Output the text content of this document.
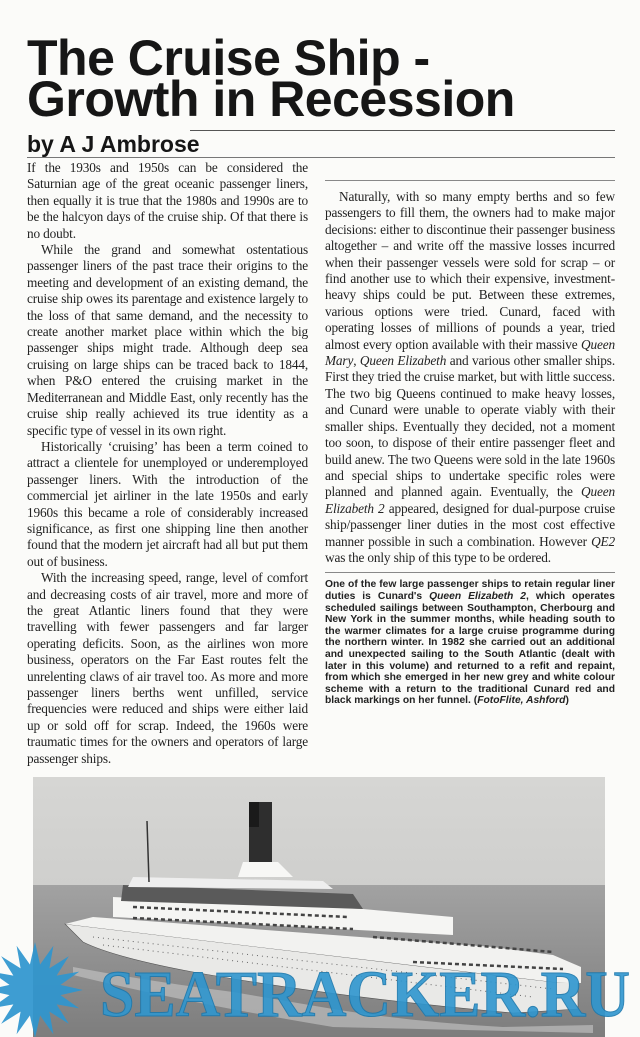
The Cruise Ship -
Growth in Recession
by A J Ambrose

If the 1930s and 1950s can be considered the Saturnian age of the great oceanic passenger liners, then equally it is true that the 1980s and 1990s are to be the halcyon days of the cruise ship. Of that there is no doubt.

While the grand and somewhat ostentatious passenger liners of the past trace their origins to the meeting and development of an existing demand, the cruise ship owes its parentage and existence largely to the loss of that same demand, and the necessity to create another market place within which the big passenger ships might trade. Although deep sea cruising on large ships can be traced back to 1844, when P&O entered the cruising market in the Mediterranean and Middle East, only recently has the cruise ship really achieved its true identity as a specific type of vessel in its own right.

Historically ‘cruising’ has been a term coined to attract a clientele for unemployed or underemployed passenger liners. With the introduction of the commercial jet airliner in the late 1950s and early 1960s this became a role of considerably increased significance, as first one shipping line then another found that the modern jet aircraft had all but put them out of business.

With the increasing speed, range, level of comfort and decreasing costs of air travel, more and more of the great Atlantic liners found that they were travelling with fewer passengers and far larger operating deficits. Soon, as the airlines won more business, operators on the Far East routes felt the unrelenting claws of air travel too. As more and more passenger liners berths went unfilled, service frequencies were reduced and ships were either laid up or sold off for scrap. Indeed, the 1960s were traumatic times for the owners and operators of large passenger ships.

Naturally, with so many empty berths and so few passengers to fill them, the owners had to make major decisions: either to discontinue their passenger business altogether – and write off the massive losses incurred when their passenger vessels were sold for scrap – or find another use to which their expensive, investment-heavy ships could be put. Between these extremes, various options were tried. Cunard, faced with operating losses of millions of pounds a year, tried almost every option available with their massive Queen Mary, Queen Elizabeth and various other smaller ships. First they tried the cruise market, but with little success. The two big Queens continued to make heavy losses, and Cunard were unable to operate viably with their smaller ships. Eventually they decided, not a moment too soon, to dispose of their entire passenger fleet and build anew. The two Queens were sold in the late 1960s and special ships to undertake specific roles were planned and planned again. Eventually, the Queen Elizabeth 2 appeared, designed for dual-purpose cruise ship/passenger liner duties in the most cost effective manner possible in such a combination. However QE2 was the only ship of this type to be ordered.

One of the few large passenger ships to retain regular liner duties is Cunard's Queen Elizabeth 2, which operates scheduled sailings between Southampton, Cherbourg and New York in the summer months, while heading south to the warmer climates for a large cruise programme during the northern winter. In 1982 she carried out an additional and unexpected sailing to the South Atlantic (dealt with later in this volume) and returned to a refit and repaint, from which she emerged in her new grey and white colour scheme with a return to the traditional Cunard red and black markings on her funnel. (FotoFlite, Ashford)

SEATRACKER.RU
